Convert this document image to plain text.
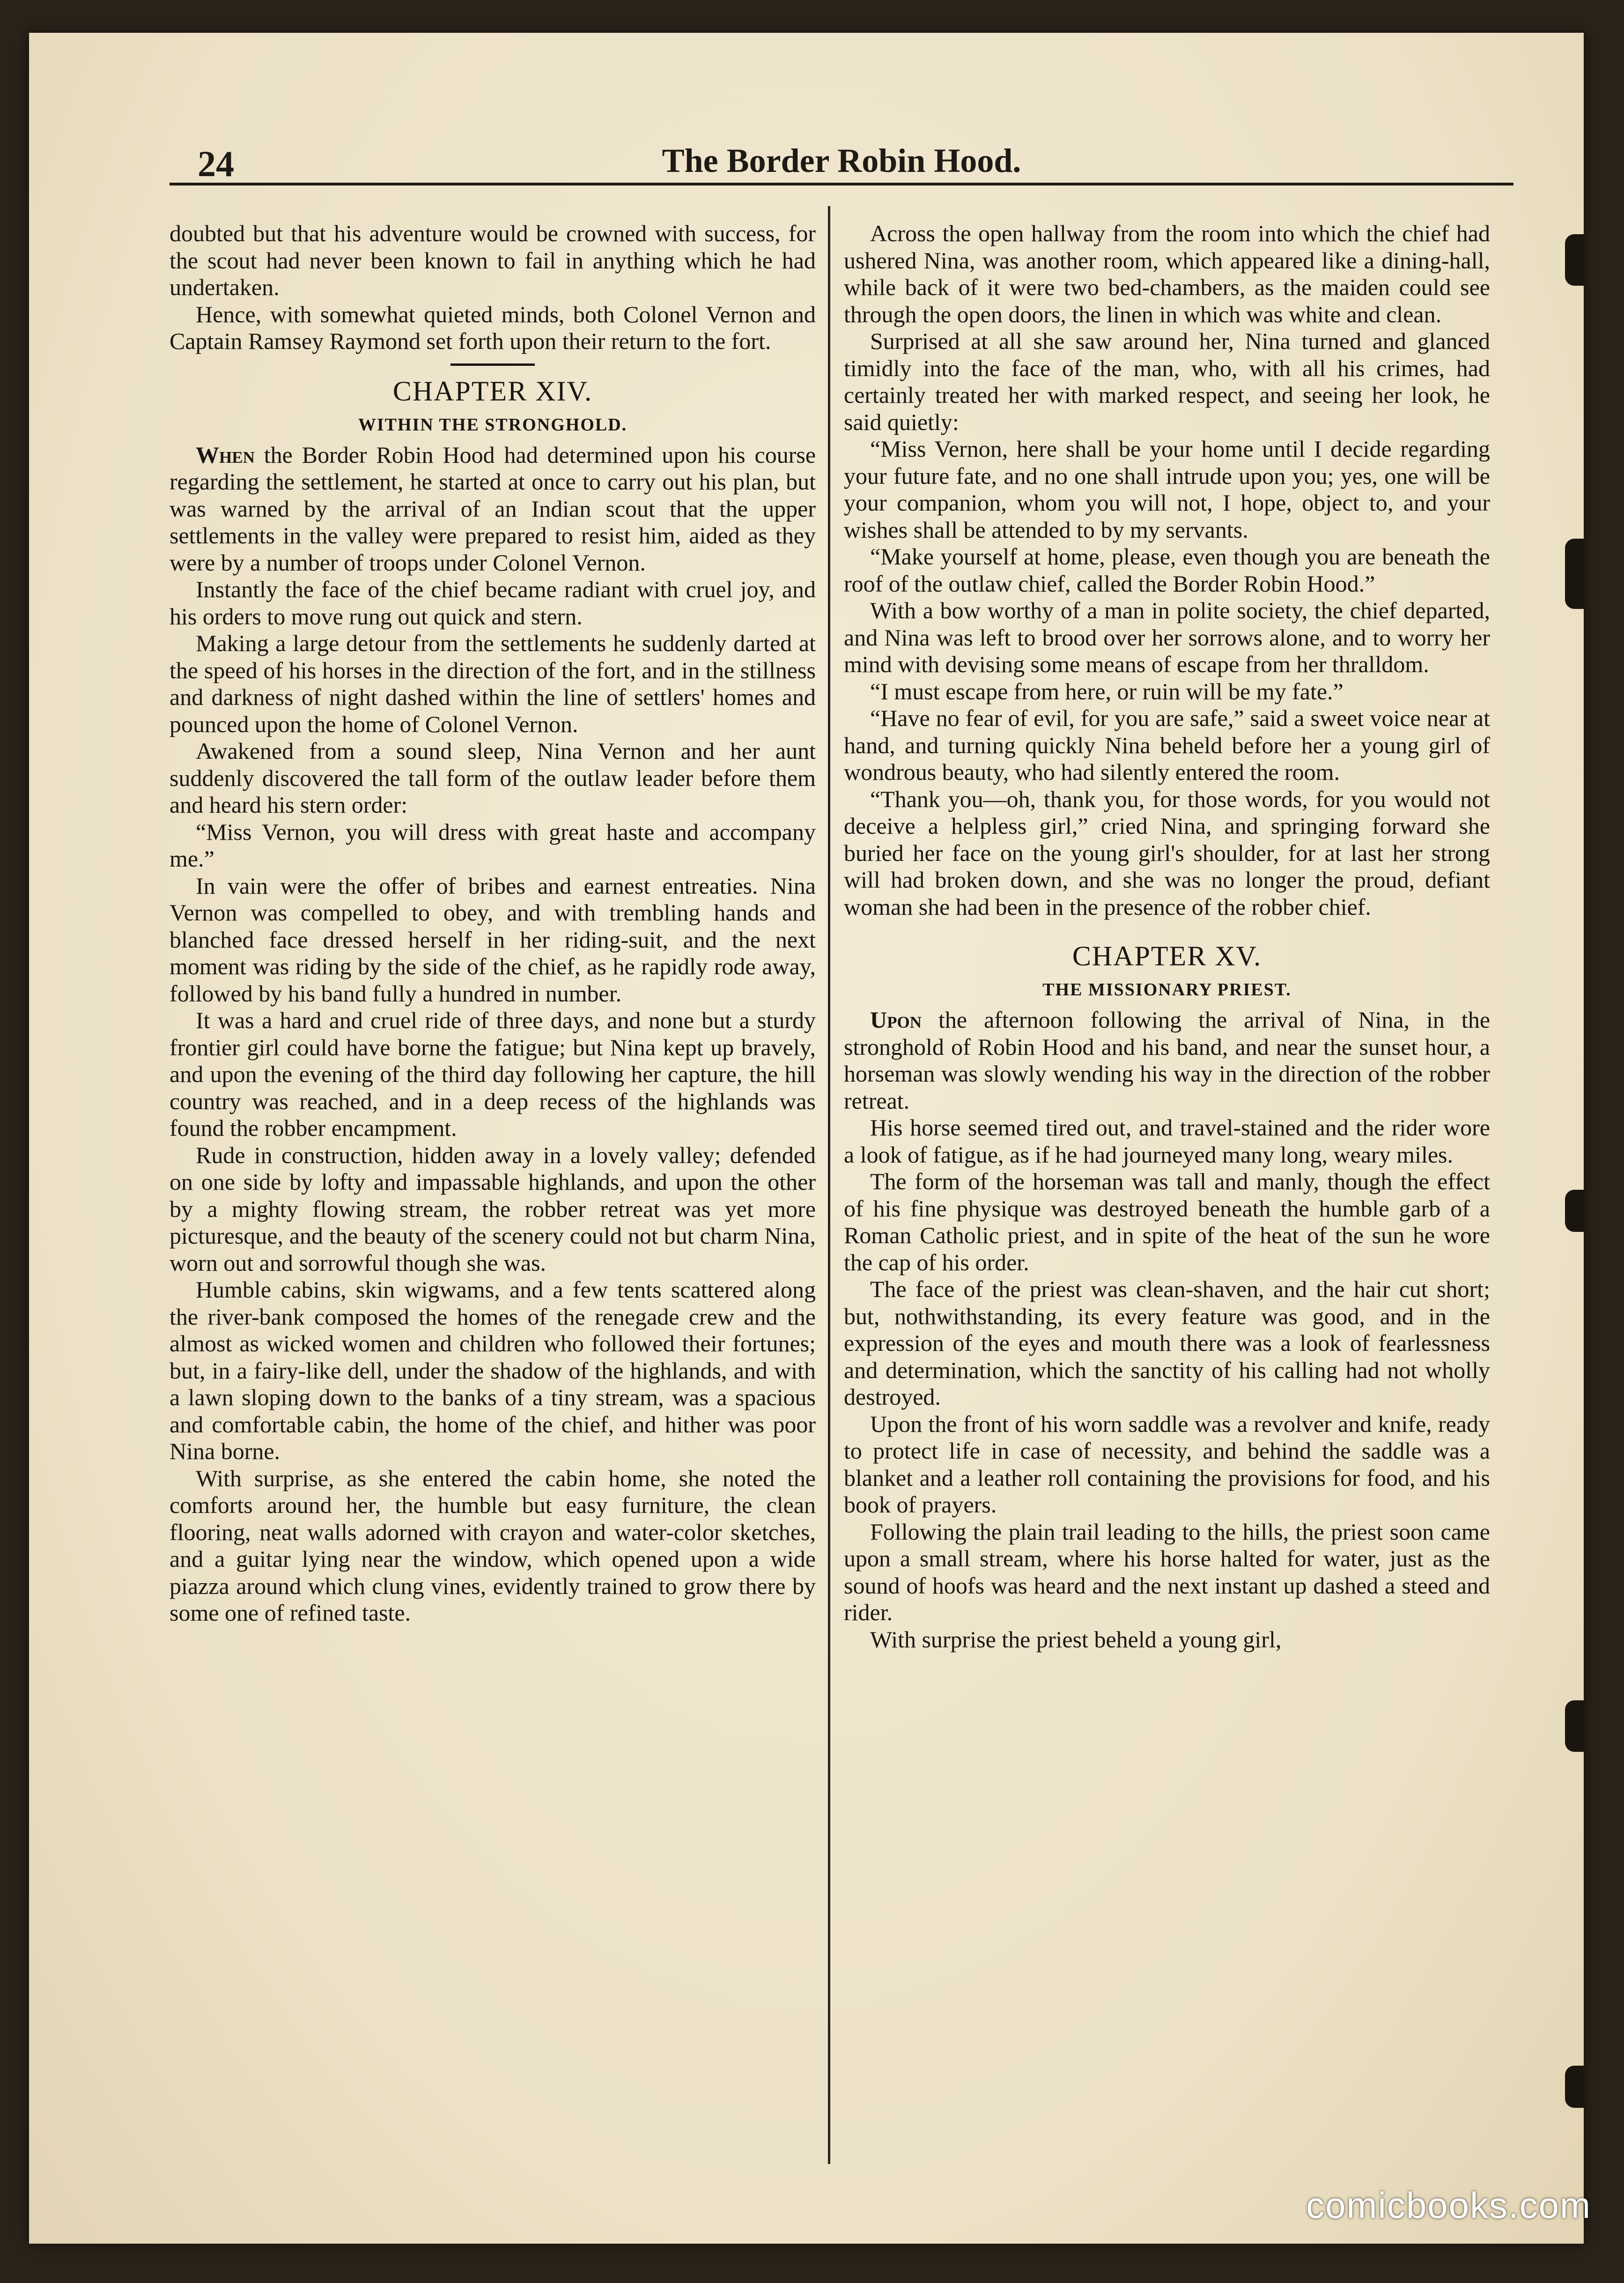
24	The Border Robin Hood.

doubted but that his adventure would be crowned with success, for the scout had never been known to fail in anything which he had undertaken.

Hence, with somewhat quieted minds, both Colonel Vernon and Captain Ramsey Raymond set forth upon their return to the fort.

CHAPTER XIV.
WITHIN THE STRONGHOLD.

When the Border Robin Hood had determined upon his course regarding the settlement, he started at once to carry out his plan, but was warned by the arrival of an Indian scout that the upper settlements in the valley were prepared to resist him, aided as they were by a number of troops under Colonel Vernon.

Instantly the face of the chief became radiant with cruel joy, and his orders to move rung out quick and stern.

Making a large detour from the settlements he suddenly darted at the speed of his horses in the direction of the fort, and in the stillness and darkness of night dashed within the line of settlers' homes and pounced upon the home of Colonel Vernon.

Awakened from a sound sleep, Nina Vernon and her aunt suddenly discovered the tall form of the outlaw leader before them and heard his stern order:

“Miss Vernon, you will dress with great haste and accompany me.”

In vain were the offer of bribes and earnest entreaties. Nina Vernon was compelled to obey, and with trembling hands and blanched face dressed herself in her riding-suit, and the next moment was riding by the side of the chief, as he rapidly rode away, followed by his band fully a hundred in number.

It was a hard and cruel ride of three days, and none but a sturdy frontier girl could have borne the fatigue; but Nina kept up bravely, and upon the evening of the third day following her capture, the hill country was reached, and in a deep recess of the highlands was found the robber encampment.

Rude in construction, hidden away in a lovely valley; defended on one side by lofty and impassable highlands, and upon the other by a mighty flowing stream, the robber retreat was yet more picturesque, and the beauty of the scenery could not but charm Nina, worn out and sorrowful though she was.

Humble cabins, skin wigwams, and a few tents scattered along the river-bank composed the homes of the renegade crew and the almost as wicked women and children who followed their fortunes; but, in a fairy-like dell, under the shadow of the highlands, and with a lawn sloping down to the banks of a tiny stream, was a spacious and comfortable cabin, the home of the chief, and hither was poor Nina borne.

With surprise, as she entered the cabin home, she noted the comforts around her, the humble but easy furniture, the clean flooring, neat walls adorned with crayon and water-color sketches, and a guitar lying near the window, which opened upon a wide piazza around which clung vines, evidently trained to grow there by some one of refined taste.

Across the open hallway from the room into which the chief had ushered Nina, was another room, which appeared like a dining-hall, while back of it were two bed-chambers, as the maiden could see through the open doors, the linen in which was white and clean.

Surprised at all she saw around her, Nina turned and glanced timidly into the face of the man, who, with all his crimes, had certainly treated her with marked respect, and seeing her look, he said quietly:

“Miss Vernon, here shall be your home until I decide regarding your future fate, and no one shall intrude upon you; yes, one will be your companion, whom you will not, I hope, object to, and your wishes shall be attended to by my servants.

“Make yourself at home, please, even though you are beneath the roof of the outlaw chief, called the Border Robin Hood.”

With a bow worthy of a man in polite society, the chief departed, and Nina was left to brood over her sorrows alone, and to worry her mind with devising some means of escape from her thralldom.

“I must escape from here, or ruin will be my fate.”

“Have no fear of evil, for you are safe,” said a sweet voice near at hand, and turning quickly Nina beheld before her a young girl of wondrous beauty, who had silently entered the room.

“Thank you—oh, thank you, for those words, for you would not deceive a helpless girl,” cried Nina, and springing forward she buried her face on the young girl's shoulder, for at last her strong will had broken down, and she was no longer the proud, defiant woman she had been in the presence of the robber chief.

CHAPTER XV.
THE MISSIONARY PRIEST.

Upon the afternoon following the arrival of Nina, in the stronghold of Robin Hood and his band, and near the sunset hour, a horseman was slowly wending his way in the direction of the robber retreat.

His horse seemed tired out, and travel-stained and the rider wore a look of fatigue, as if he had journeyed many long, weary miles.

The form of the horseman was tall and manly, though the effect of his fine physique was destroyed beneath the humble garb of a Roman Catholic priest, and in spite of the heat of the sun he wore the cap of his order.

The face of the priest was clean-shaven, and the hair cut short; but, nothwithstanding, its every feature was good, and in the expression of the eyes and mouth there was a look of fearlessness and determination, which the sanctity of his calling had not wholly destroyed.

Upon the front of his worn saddle was a revolver and knife, ready to protect life in case of necessity, and behind the saddle was a blanket and a leather roll containing the provisions for food, and his book of prayers.

Following the plain trail leading to the hills, the priest soon came upon a small stream, where his horse halted for water, just as the sound of hoofs was heard and the next instant up dashed a steed and rider.

With surprise the priest beheld a young girl,

comicbooks.com
